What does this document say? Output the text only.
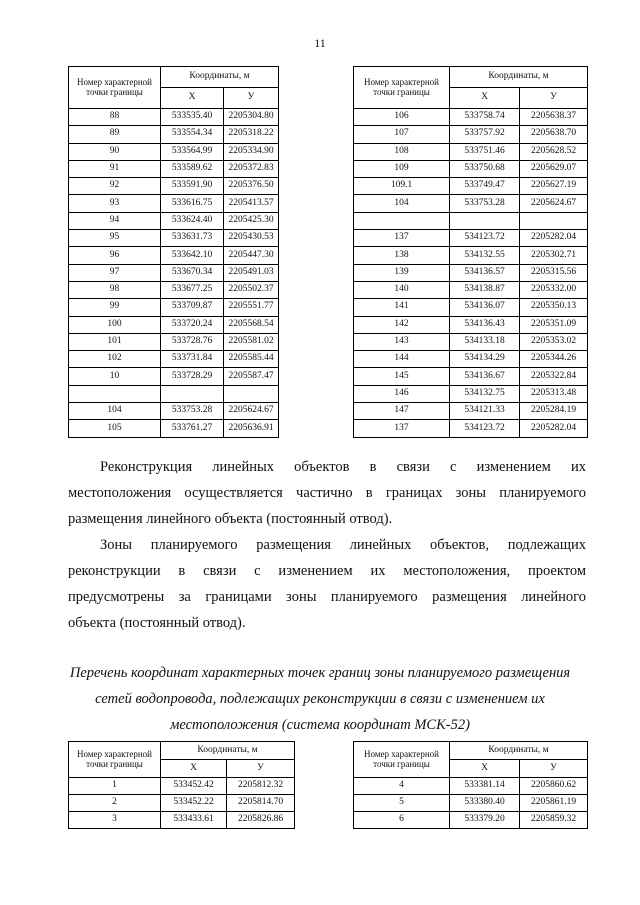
11
Номер характерной точки границы	Координаты, м	
	X	У
88	533535.40	2205304.80
89	533554.34	2205318.22
90	533564.99	2205334.90
91	533589.62	2205372.83
92	533591.90	2205376.50
93	533616.75	2205413.57
94	533624.40	2205425.30
95	533631.73	2205430.53
96	533642.10	2205447.30
97	533670.34	2205491.03
98	533677.25	2205502.37
99	533709.87	2205551.77
100	533720.24	2205568.54
101	533728.76	2205581.02
102	533731.84	2205585.44
10	533728.29	2205587.47

104	533753.28	2205624.67
105	533761.27	2205636.91
Номер характерной точки границы	Координаты, м	
	X	У
106	533758.74	2205638.37
107	533757.92	2205638.70
108	533751.46	2205628.52
109	533750.68	2205629.07
109.1	533749.47	2205627.19
104	533753.28	2205624.67

137	534123.72	2205282.04
138	534132.55	2205302.71
139	534136.57	2205315.56
140	534138.87	2205332.00
141	534136.07	2205350.13
142	534136.43	2205351.09
143	534133.18	2205353.02
144	534134.29	2205344.26
145	534136.67	2205322.84
146	534132.75	2205313.48
147	534121.33	2205284.19
137	534123.72	2205282.04
Реконструкция линейных объектов в связи с изменением их
местоположения осуществляется частично в границах зоны планируемого
размещения линейного объекта (постоянный отвод).
Зоны планируемого размещения линейных объектов, подлежащих
реконструкции в связи с изменением их местоположения, проектом
предусмотрены за границами зоны планируемого размещения линейного
объекта (постоянный отвод).
Перечень координат характерных точек границ зоны планируемого размещения
сетей водопровода, подлежащих реконструкции в связи с изменением их
местоположения (система координат МСК-52)
Номер характерной точки границы	Координаты, м	
	X	У
1	533452.42	2205812.32
2	533452.22	2205814.70
3	533433.61	2205826.86
Номер характерной точки границы	Координаты, м	
	X	У
4	533381.14	2205860.62
5	533380.40	2205861.19
6	533379.20	2205859.32
